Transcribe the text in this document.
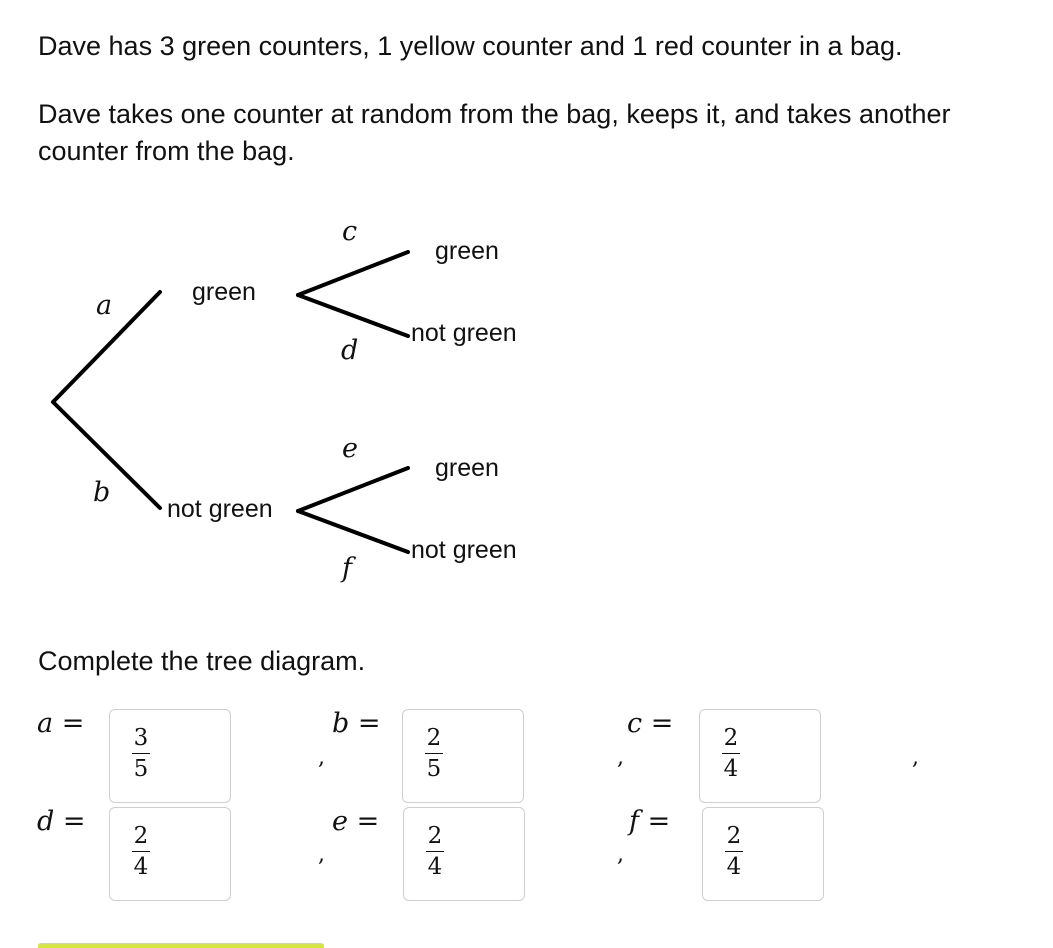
Dave has 3 green counters, 1 yellow counter and 1 red counter in a bag.
Dave takes one counter at random from the bag, keeps it, and takes another counter from the bag.
a
b
c
d
e
f
green
not green
green
not green
green
not green
Complete the tree diagram.
a = 3
5	,
b = 2
5	,
c = 2
4	,
d = 2
4	,
e = 2
4	,
f = 2
4
